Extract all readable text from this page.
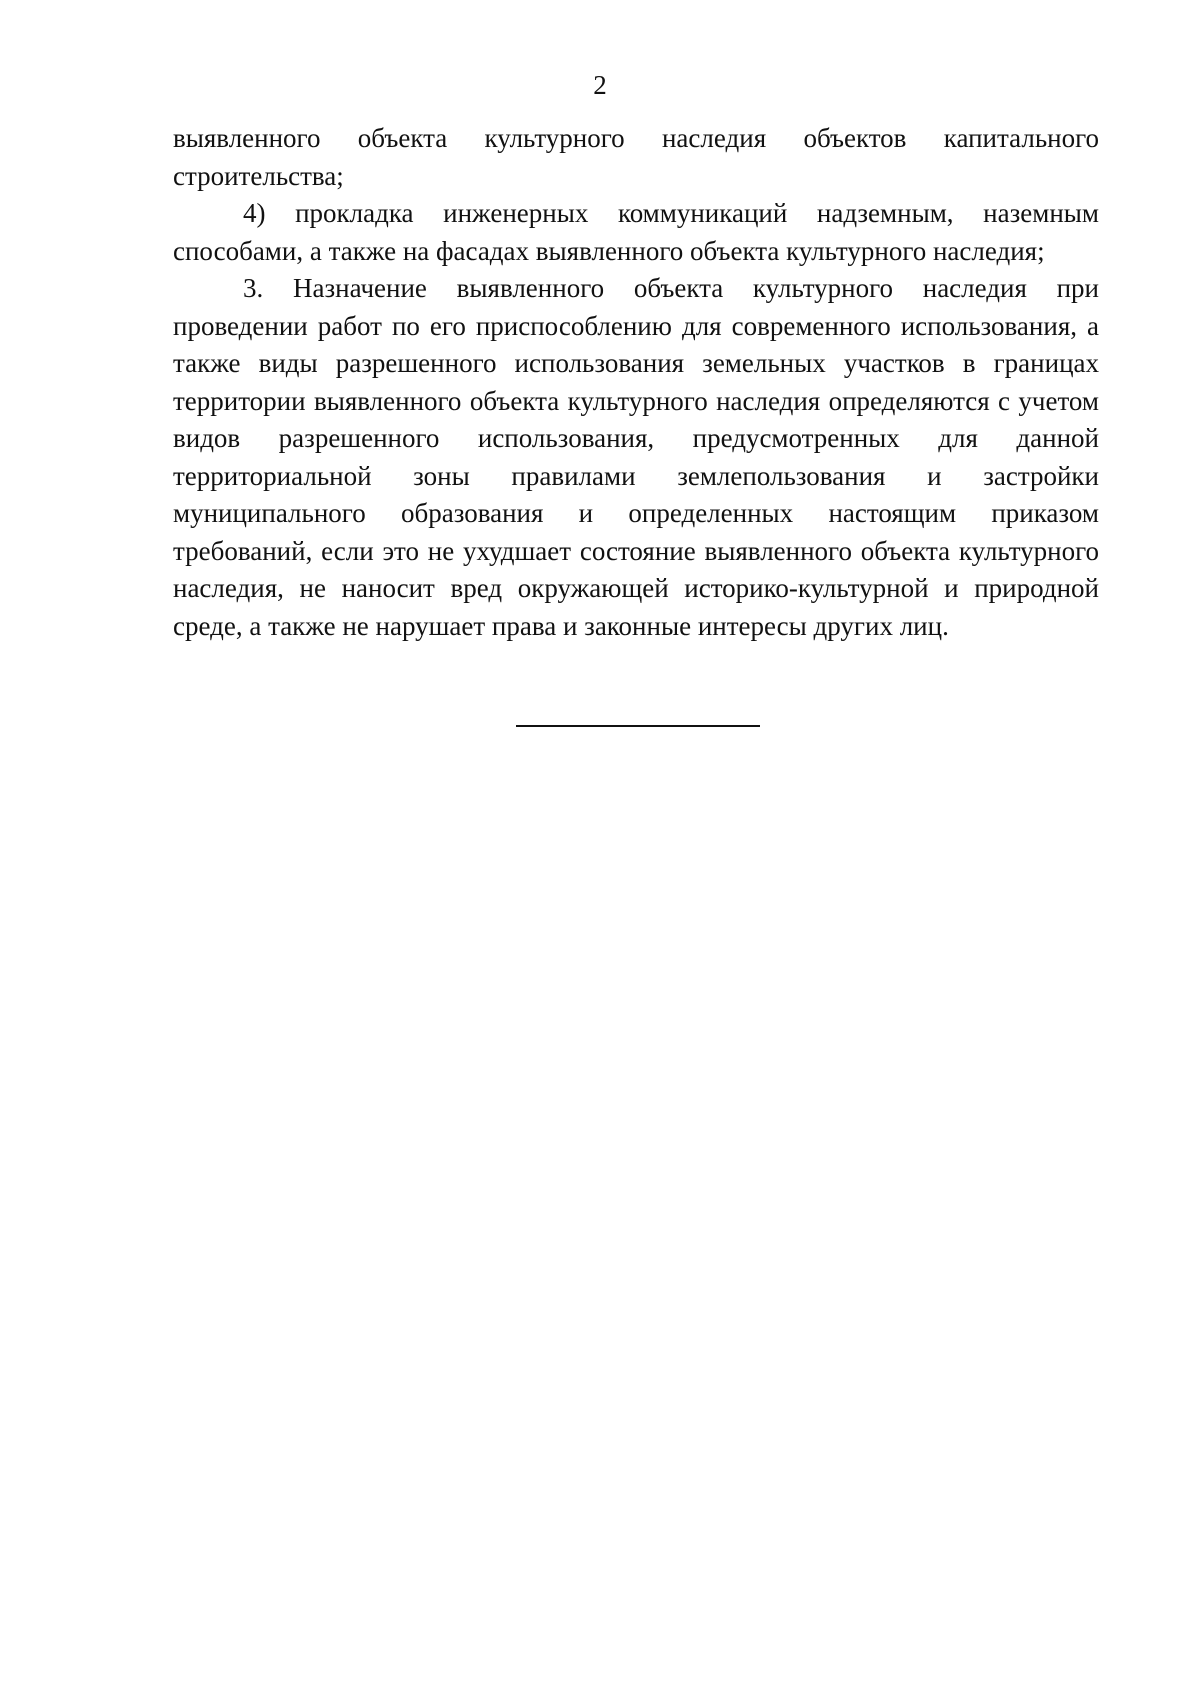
2

выявленного объекта культурного наследия объектов капитального строительства;

4) прокладка инженерных коммуникаций надземным, наземным способами, а также на фасадах выявленного объекта культурного наследия;

3. Назначение выявленного объекта культурного наследия при проведении работ по его приспособлению для современного использования, а также виды разрешенного использования земельных участков в границах территории выявленного объекта культурного наследия определяются с учетом видов разрешенного использования, предусмотренных для данной территориальной зоны правилами землепользования и застройки муниципального образования и определенных настоящим приказом требований, если это не ухудшает состояние выявленного объекта культурного наследия, не наносит вред окружающей историко-культурной и природной среде, а также не нарушает права и законные интересы других лиц.
